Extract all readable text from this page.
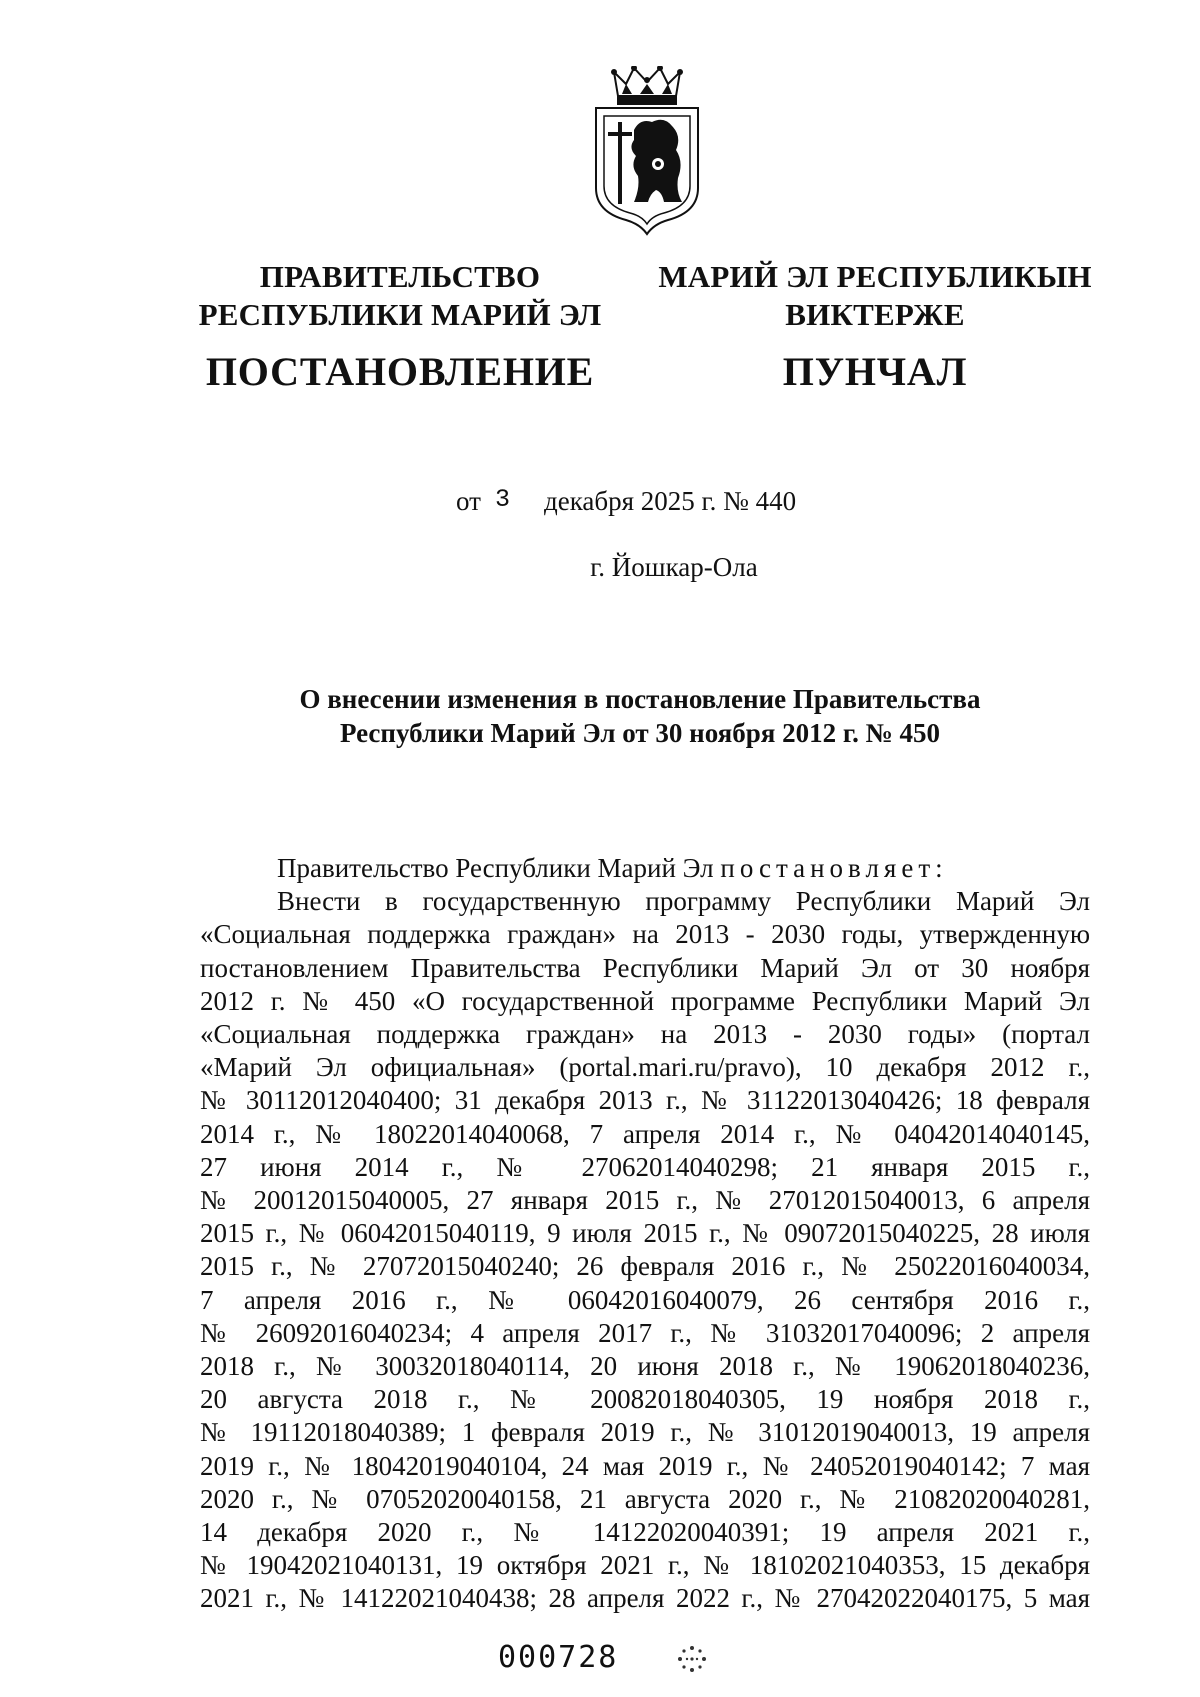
ПРАВИТЕЛЬСТВО
РЕСПУБЛИКИ МАРИЙ ЭЛ
ПОСТАНОВЛЕНИЕ
МАРИЙ ЭЛ РЕСПУБЛИКЫН
ВИКТЕРЖЕ
ПУНЧАЛ
от 3 декабря 2025 г. № 440
г. Йошкар-Ола
О внесении изменения в постановление Правительства
Республики Марий Эл от 30 ноября 2012 г. № 450
Правительство Республики Марий Эл постановляет:
Внести в государственную программу Республики Марий Эл
«Социальная поддержка граждан» на 2013 - 2030 годы, утвержденную
постановлением Правительства Республики Марий Эл от 30 ноября
2012 г. № 450 «О государственной программе Республики Марий Эл
«Социальная поддержка граждан» на 2013 - 2030 годы» (портал
«Марий Эл официальная» (portal.mari.ru/pravo), 10 декабря 2012 г.,
№ 30112012040400; 31 декабря 2013 г., № 31122013040426; 18 февраля
2014 г., № 18022014040068, 7 апреля 2014 г., № 04042014040145,
27 июня 2014 г., № 27062014040298; 21 января 2015 г.,
№ 20012015040005, 27 января 2015 г., № 27012015040013, 6 апреля
2015 г., № 06042015040119, 9 июля 2015 г., № 09072015040225, 28 июля
2015 г., № 27072015040240; 26 февраля 2016 г., № 25022016040034,
7 апреля 2016 г., № 06042016040079, 26 сентября 2016 г.,
№ 26092016040234; 4 апреля 2017 г., № 31032017040096; 2 апреля
2018 г., № 30032018040114, 20 июня 2018 г., № 19062018040236,
20 августа 2018 г., № 20082018040305, 19 ноября 2018 г.,
№ 19112018040389; 1 февраля 2019 г., № 31012019040013, 19 апреля
2019 г., № 18042019040104, 24 мая 2019 г., № 24052019040142; 7 мая
2020 г., № 07052020040158, 21 августа 2020 г., № 21082020040281,
14 декабря 2020 г., № 14122020040391; 19 апреля 2021 г.,
№ 19042021040131, 19 октября 2021 г., № 18102021040353, 15 декабря
2021 г., № 14122021040438; 28 апреля 2022 г., № 27042022040175, 5 мая
000728
